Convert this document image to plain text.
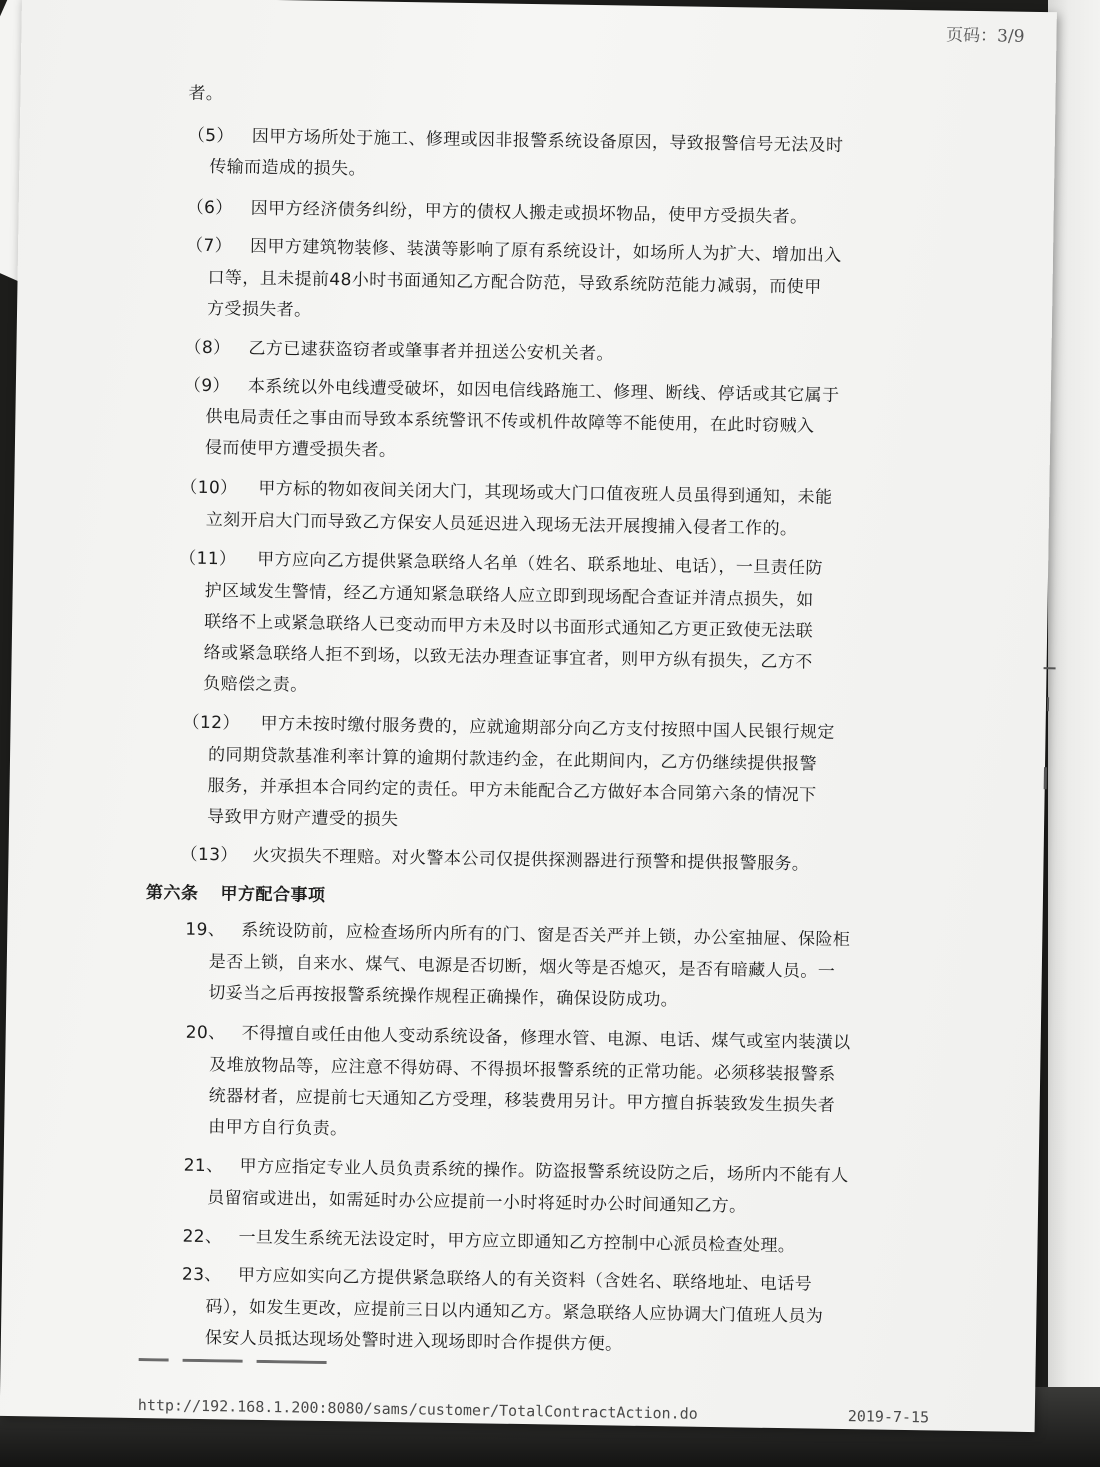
页码：3/9
者。
（5） 因甲方场所处于施工、修理或因非报警系统设备原因，导致报警信号无法及时
传输而造成的损失。
（6） 因甲方经济债务纠纷，甲方的债权人搬走或损坏物品，使甲方受损失者。
（7） 因甲方建筑物装修、装潢等影响了原有系统设计，如场所人为扩大、增加出入
口等，且未提前48小时书面通知乙方配合防范，导致系统防范能力减弱，而使甲
方受损失者。
（8） 乙方已逮获盗窃者或肇事者并扭送公安机关者。
（9） 本系统以外电线遭受破坏，如因电信线路施工、修理、断线、停话或其它属于
供电局责任之事由而导致本系统警讯不传或机件故障等不能使用，在此时窃贼入
侵而使甲方遭受损失者。
（10） 甲方标的物如夜间关闭大门，其现场或大门口值夜班人员虽得到通知，未能
立刻开启大门而导致乙方保安人员延迟进入现场无法开展搜捕入侵者工作的。
（11） 甲方应向乙方提供紧急联络人名单（姓名、联系地址、电话），一旦责任防
护区域发生警情，经乙方通知紧急联络人应立即到现场配合查证并清点损失，如
联络不上或紧急联络人已变动而甲方未及时以书面形式通知乙方更正致使无法联
络或紧急联络人拒不到场，以致无法办理查证事宜者，则甲方纵有损失，乙方不
负赔偿之责。
（12） 甲方未按时缴付服务费的，应就逾期部分向乙方支付按照中国人民银行规定
的同期贷款基准利率计算的逾期付款违约金，在此期间内，乙方仍继续提供报警
服务，并承担本合同约定的责任。甲方未能配合乙方做好本合同第六条的情况下
导致甲方财产遭受的损失
（13） 火灾损失不理赔。对火警本公司仅提供探测器进行预警和提供报警服务。
第六条 甲方配合事项
19、 系统设防前，应检查场所内所有的门、窗是否关严并上锁，办公室抽屉、保险柜
是否上锁，自来水、煤气、电源是否切断，烟火等是否熄灭，是否有暗藏人员。一
切妥当之后再按报警系统操作规程正确操作，确保设防成功。
20、 不得擅自或任由他人变动系统设备，修理水管、电源、电话、煤气或室内装潢以
及堆放物品等，应注意不得妨碍、不得损坏报警系统的正常功能。必须移装报警系
统器材者，应提前七天通知乙方受理，移装费用另计。甲方擅自拆装致发生损失者
由甲方自行负责。
21、 甲方应指定专业人员负责系统的操作。防盗报警系统设防之后，场所内不能有人
员留宿或进出，如需延时办公应提前一小时将延时办公时间通知乙方。
22、 一旦发生系统无法设定时，甲方应立即通知乙方控制中心派员检查处理。
23、 甲方应如实向乙方提供紧急联络人的有关资料（含姓名、联络地址、电话号
码），如发生更改，应提前三日以内通知乙方。紧急联络人应协调大门值班人员为
保安人员抵达现场处警时进入现场即时合作提供方便。
http://192.168.1.200:8080/sams/customer/TotalContractAction.do	2019-7-15
